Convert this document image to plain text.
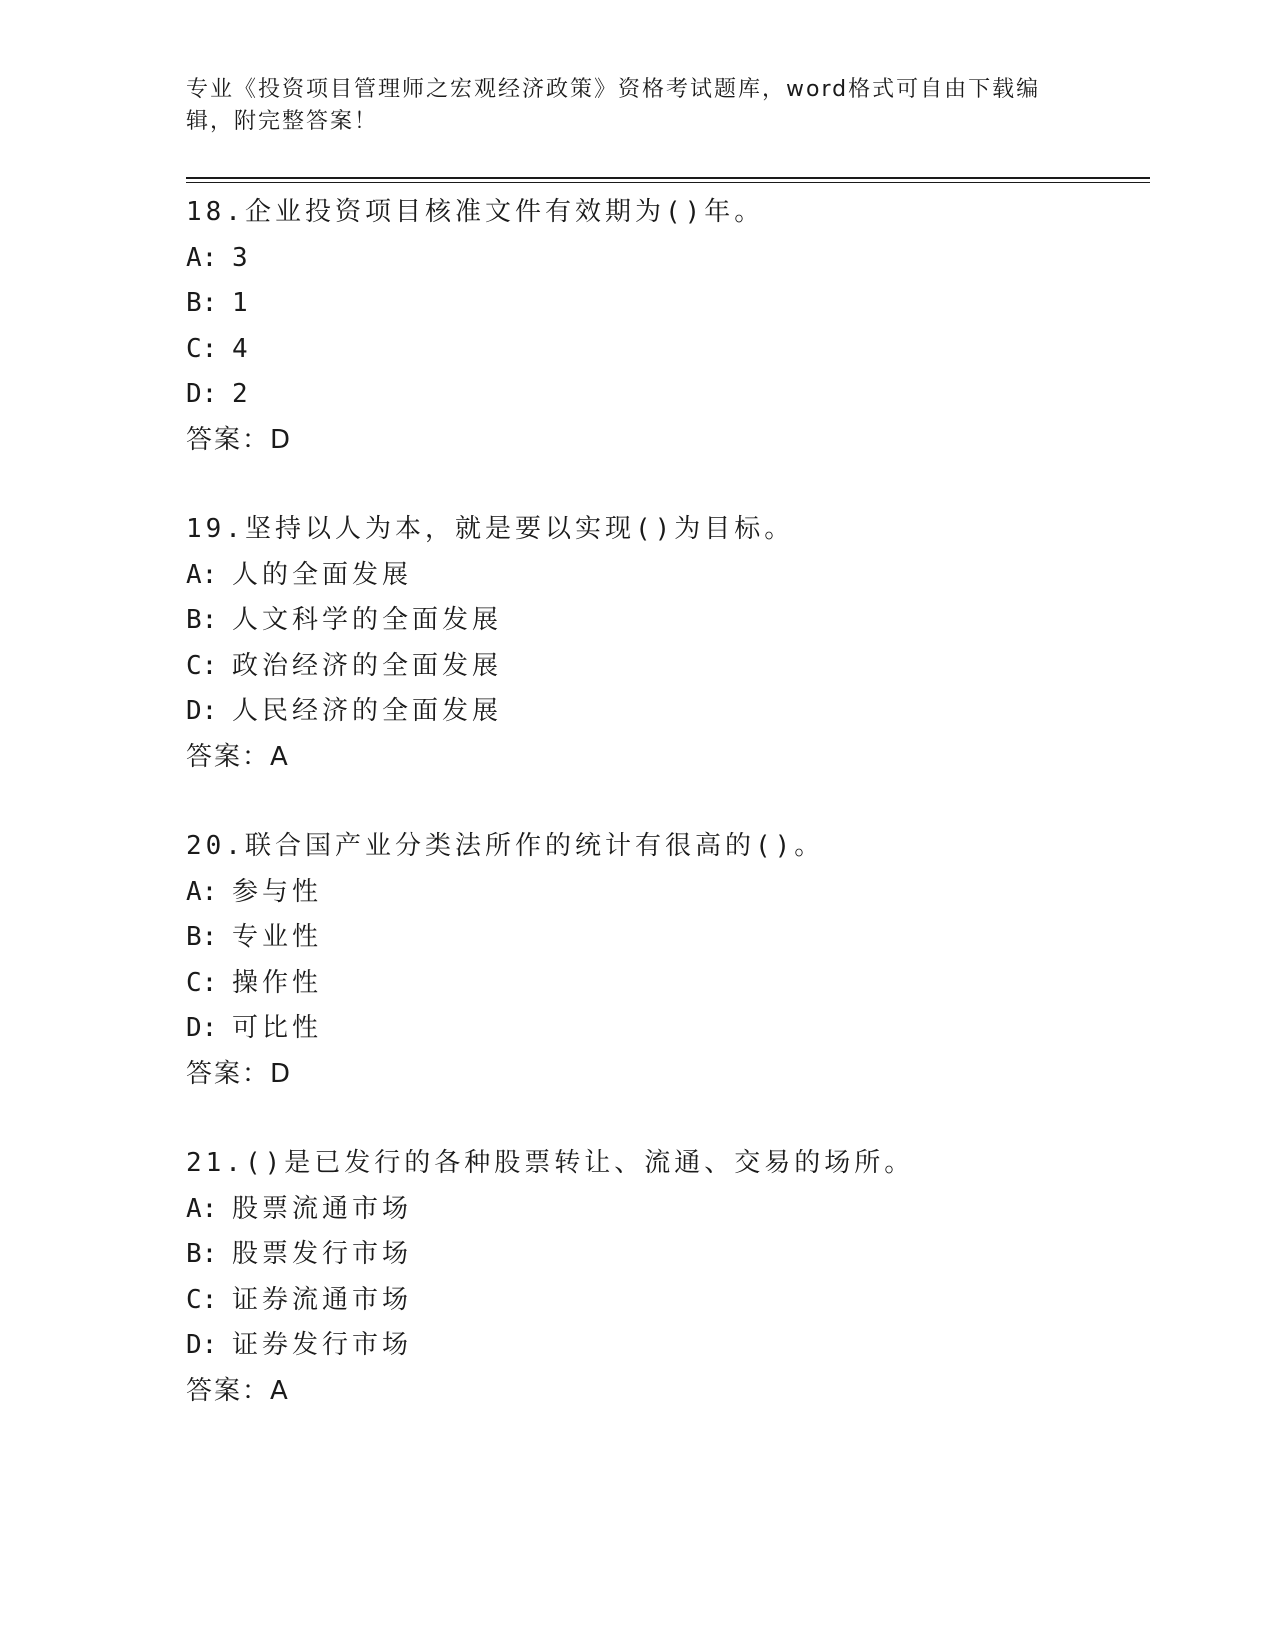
专业《投资项目管理师之宏观经济政策》资格考试题库，word格式可自由下载编辑，附完整答案！
18.企业投资项目核准文件有效期为()年。
A: 3
B: 1
C: 4
D: 2
答案：D
19.坚持以人为本，就是要以实现()为目标。
A: 人的全面发展
B: 人文科学的全面发展
C: 政治经济的全面发展
D: 人民经济的全面发展
答案：A
20.联合国产业分类法所作的统计有很高的()。
A: 参与性
B: 专业性
C: 操作性
D: 可比性
答案：D
21.()是已发行的各种股票转让、流通、交易的场所。
A: 股票流通市场
B: 股票发行市场
C: 证券流通市场
D: 证券发行市场
答案：A
